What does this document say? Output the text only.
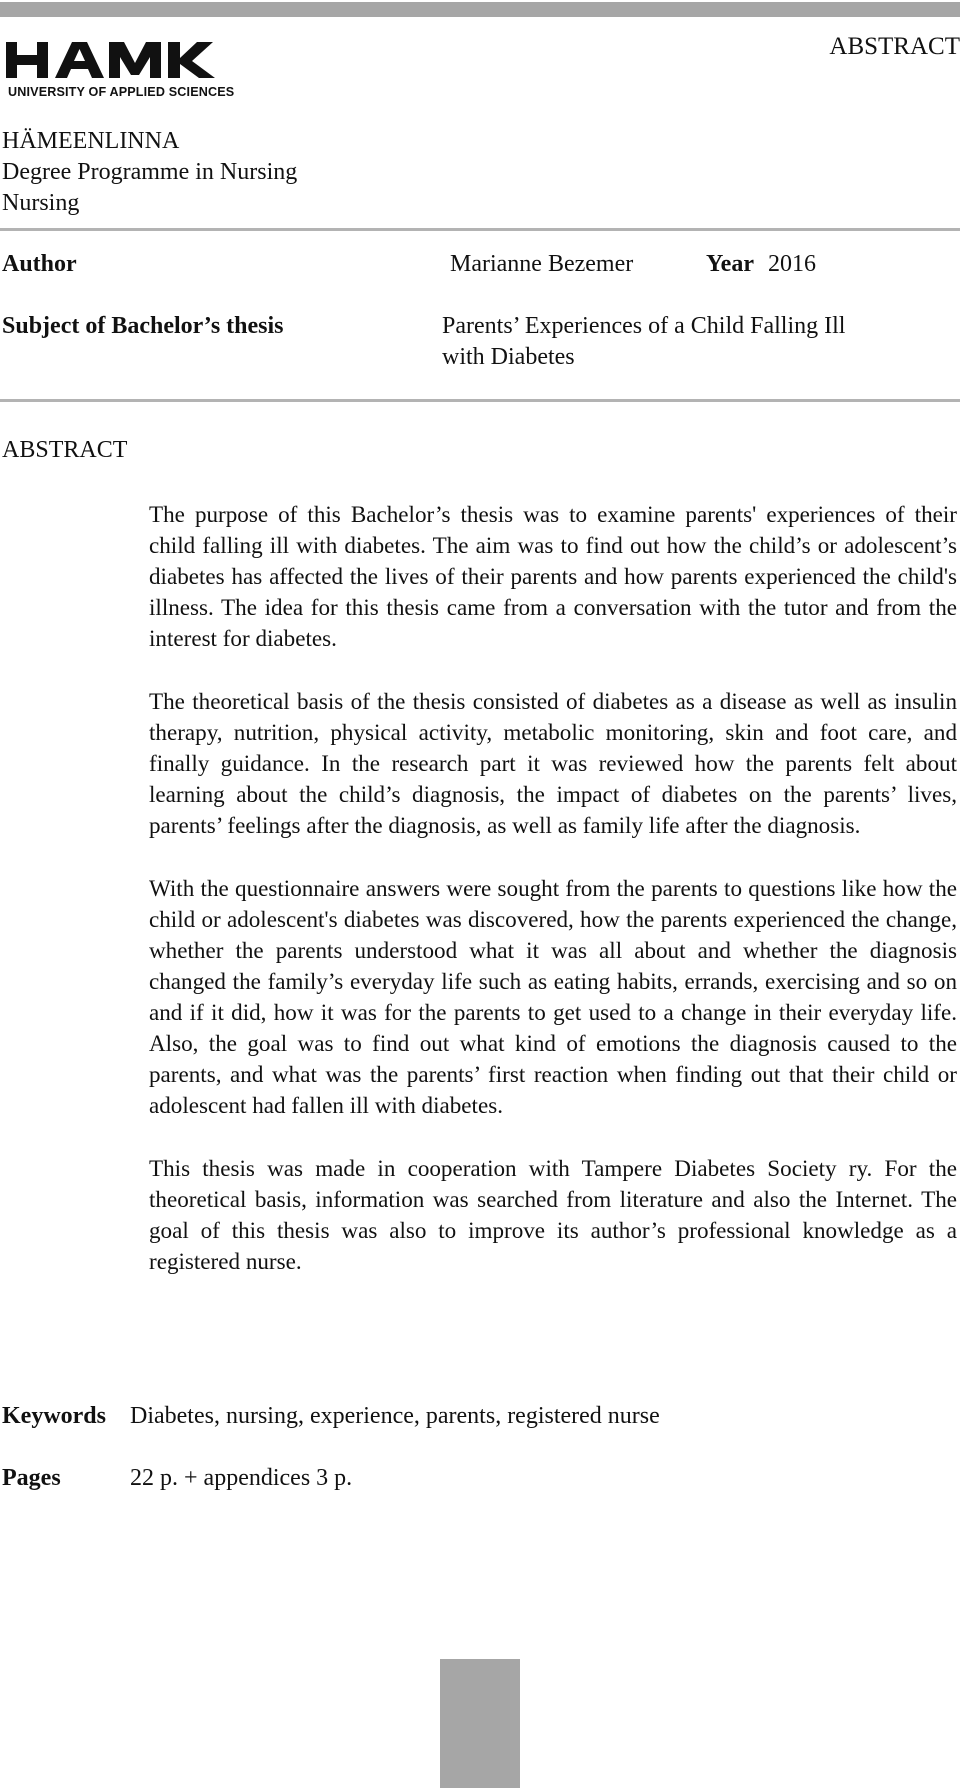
UNIVERSITY OF APPLIED SCIENCES
ABSTRACT
HÄMEENLINNA
Degree Programme in Nursing
Nursing
Author	Marianne Bezemer	Year 2016
Subject of Bachelor’s thesis	Parents’ Experiences of a Child Falling Ill
with Diabetes
ABSTRACT

The purpose of this Bachelor’s thesis was to examine parents' experiences of their child falling ill with diabetes. The aim was to find out how the child’s or adolescent’s diabetes has affected the lives of their parents and how parents experienced the child's illness. The idea for this thesis came from a conversation with the tutor and from the interest for diabetes.

The theoretical basis of the thesis consisted of diabetes as a disease as well as insulin therapy, nutrition, physical activity, metabolic monitoring, skin and foot care, and finally guidance. In the research part it was reviewed how the parents felt about learning about the child’s diagnosis, the impact of diabetes on the parents’ lives, parents’ feelings after the diagnosis, as well as family life after the diagnosis.

With the questionnaire answers were sought from the parents to questions like how the child or adolescent's diabetes was discovered, how the parents experienced the change, whether the parents understood what it was all about and whether the diagnosis changed the family’s everyday life such as eating habits, errands, exercising and so on and if it did, how it was for the parents to get used to a change in their everyday life. Also, the goal was to find out what kind of emotions the diagnosis caused to the parents, and what was the parents’ first reaction when finding out that their child or adolescent had fallen ill with diabetes.

This thesis was made in cooperation with Tampere Diabetes Society ry. For the theoretical basis, information was searched from literature and also the Internet. The goal of this thesis was also to improve its author’s professional knowledge as a registered nurse.

Keywords Diabetes, nursing, experience, parents, registered nurse
Pages	22 p. + appendices 3 p.
